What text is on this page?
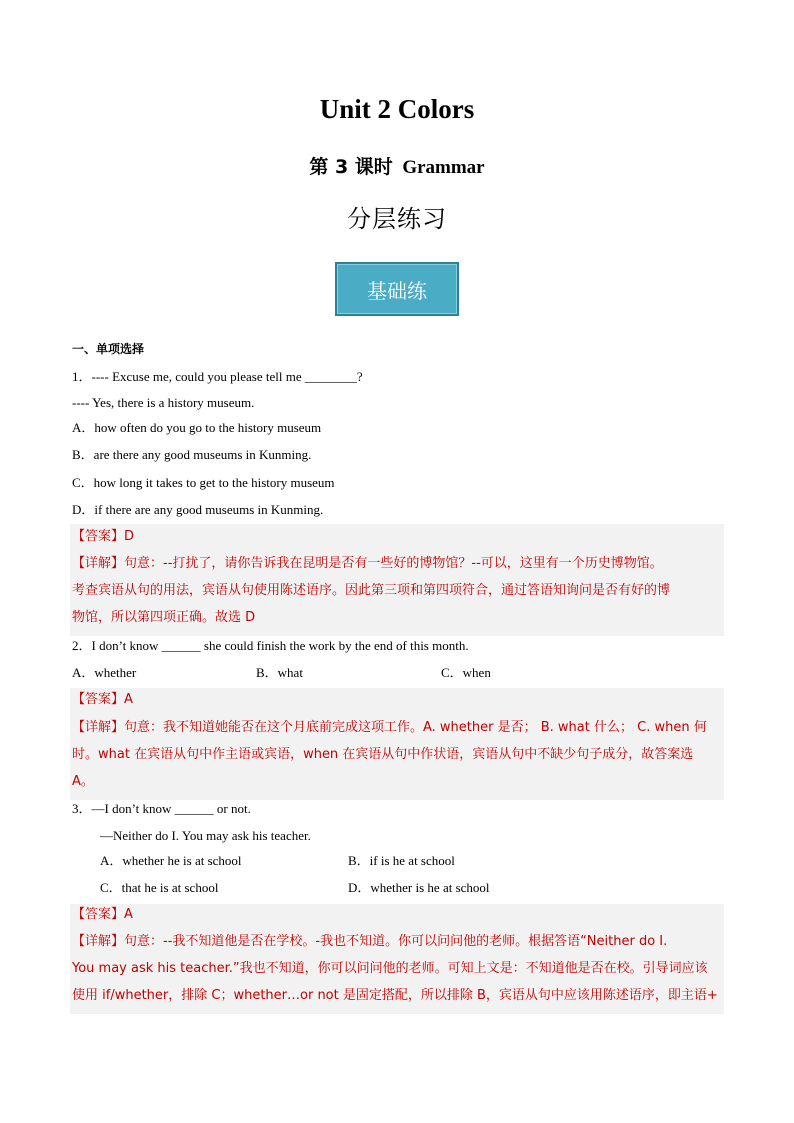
Unit 2 Colors
第 3 课时 Grammar
分层练习
基础练
一、单项选择
1．---- Excuse me, could you please tell me ________?
---- Yes, there is a history museum.
A．how often do you go to the history museum
B．are there any good museums in Kunming.
C．how long it takes to get to the history museum
D．if there are any good museums in Kunming.
【答案】D
【详解】句意：--打扰了，请你告诉我在昆明是否有一些好的博物馆？--可以，这里有一个历史博物馆。
考查宾语从句的用法，宾语从句使用陈述语序。因此第三项和第四项符合，通过答语知询问是否有好的博
物馆，所以第四项正确。故选 D
2．I don’t know ______ she could finish the work by the end of this month.
A．whether	B．what	C．when
【答案】A
【详解】句意：我不知道她能否在这个月底前完成这项工作。A. whether 是否； B. what 什么； C. when 何
时。what 在宾语从句中作主语或宾语，when 在宾语从句中作状语，宾语从句中不缺少句子成分，故答案选
A。
3．—I don’t know ______ or not.
—Neither do I. You may ask his teacher.
A．whether he is at school	B．if is he at school
C．that he is at school	D．whether is he at school
【答案】A
【详解】句意：--我不知道他是否在学校。-我也不知道。你可以问问他的老师。根据答语“Neither do I.
You may ask his teacher.”我也不知道，你可以问问他的老师。可知上文是：不知道他是否在校。引导词应该
使用 if/whether，排除 C；whether…or not 是固定搭配，所以排除 B，宾语从句中应该用陈述语序，即主语+
